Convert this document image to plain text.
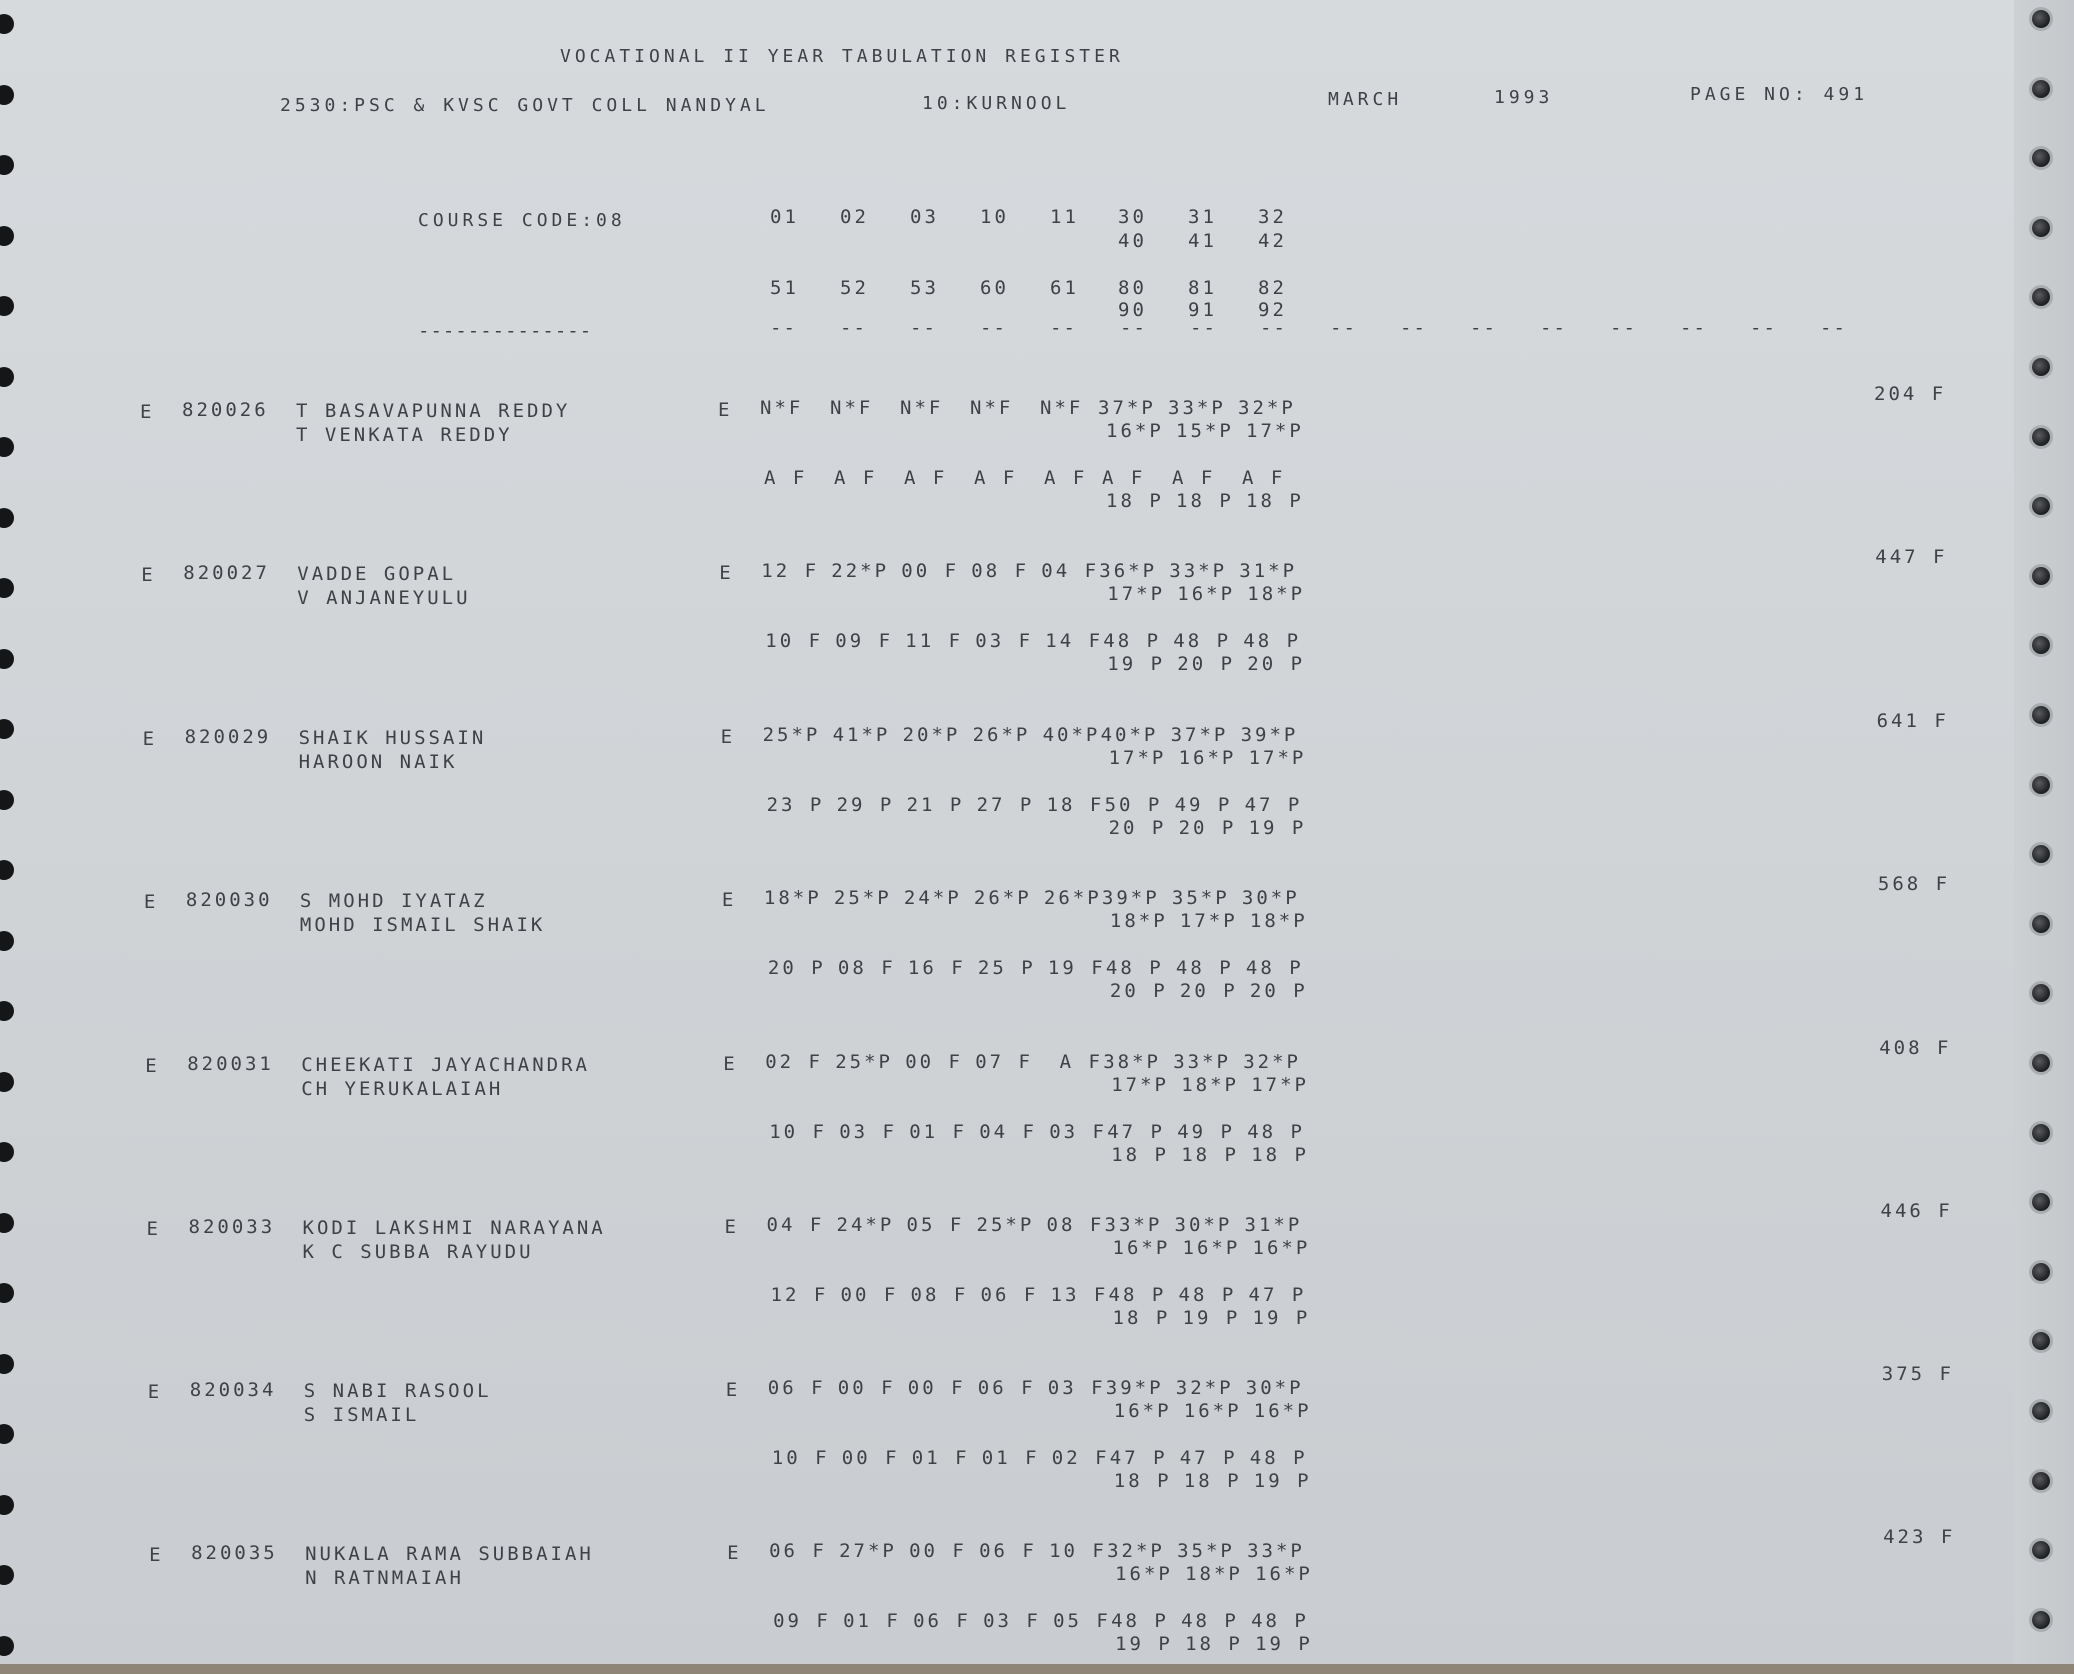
VOCATIONAL II YEAR TABULATION REGISTER
2530:PSC & KVSC GOVT COLL NANDYAL	10:KURNOOL	MARCH	1993	PAGE NO: 491
COURSE CODE:08
--------------
01 02 03 10 11 30 31 32
40 41 42
51 52 53 60 61 80 81 82
90 91 92
-- -- -- -- -- -- -- -- -- -- -- -- -- -- -- --
E 820026 T BASAVAPUNNA REDDY
T VENKATA REDDY
E N*F N*F N*F N*F N*F 37*P 33*P 32*P
16*P 15*P 17*P
A F A F A F A F A F A F A F A F
18 P 18 P 18 P
204 F
E 820027 VADDE GOPAL
V ANJANEYULU
E 12 F 22*P 00 F 08 F 04 F 36*P 33*P 31*P
17*P 16*P 18*P
10 F 09 F 11 F 03 F 14 F 48 P 48 P 48 P
19 P 20 P 20 P
447 F
E 820029 SHAIK HUSSAIN
HAROON NAIK
E 25*P 41*P 20*P 26*P 40*P 40*P 37*P 39*P
17*P 16*P 17*P
23 P 29 P 21 P 27 P 18 F 50 P 49 P 47 P
20 P 20 P 19 P
641 F
E 820030 S MOHD IYATAZ
MOHD ISMAIL SHAIK
E 18*P 25*P 24*P 26*P 26*P 39*P 35*P 30*P
18*P 17*P 18*P
20 P 08 F 16 F 25 P 19 F 48 P 48 P 48 P
20 P 20 P 20 P
568 F
E 820031 CHEEKATI JAYACHANDRA
CH YERUKALAIAH
E 02 F 25*P 00 F 07 F A F 38*P 33*P 32*P
17*P 18*P 17*P
10 F 03 F 01 F 04 F 03 F 47 P 49 P 48 P
18 P 18 P 18 P
408 F
E 820033 KODI LAKSHMI NARAYANA
K C SUBBA RAYUDU
E 04 F 24*P 05 F 25*P 08 F 33*P 30*P 31*P
16*P 16*P 16*P
12 F 00 F 08 F 06 F 13 F 48 P 48 P 47 P
18 P 19 P 19 P
446 F
E 820034 S NABI RASOOL
S ISMAIL
E 06 F 00 F 00 F 06 F 03 F 39*P 32*P 30*P
16*P 16*P 16*P
10 F 00 F 01 F 01 F 02 F 47 P 47 P 48 P
18 P 18 P 19 P
375 F
E 820035 NUKALA RAMA SUBBAIAH
N RATNMAIAH
E 06 F 27*P 00 F 06 F 10 F 32*P 35*P 33*P
16*P 18*P 16*P
09 F 01 F 06 F 03 F 05 F 48 P 48 P 48 P
19 P 18 P 19 P
423 F
